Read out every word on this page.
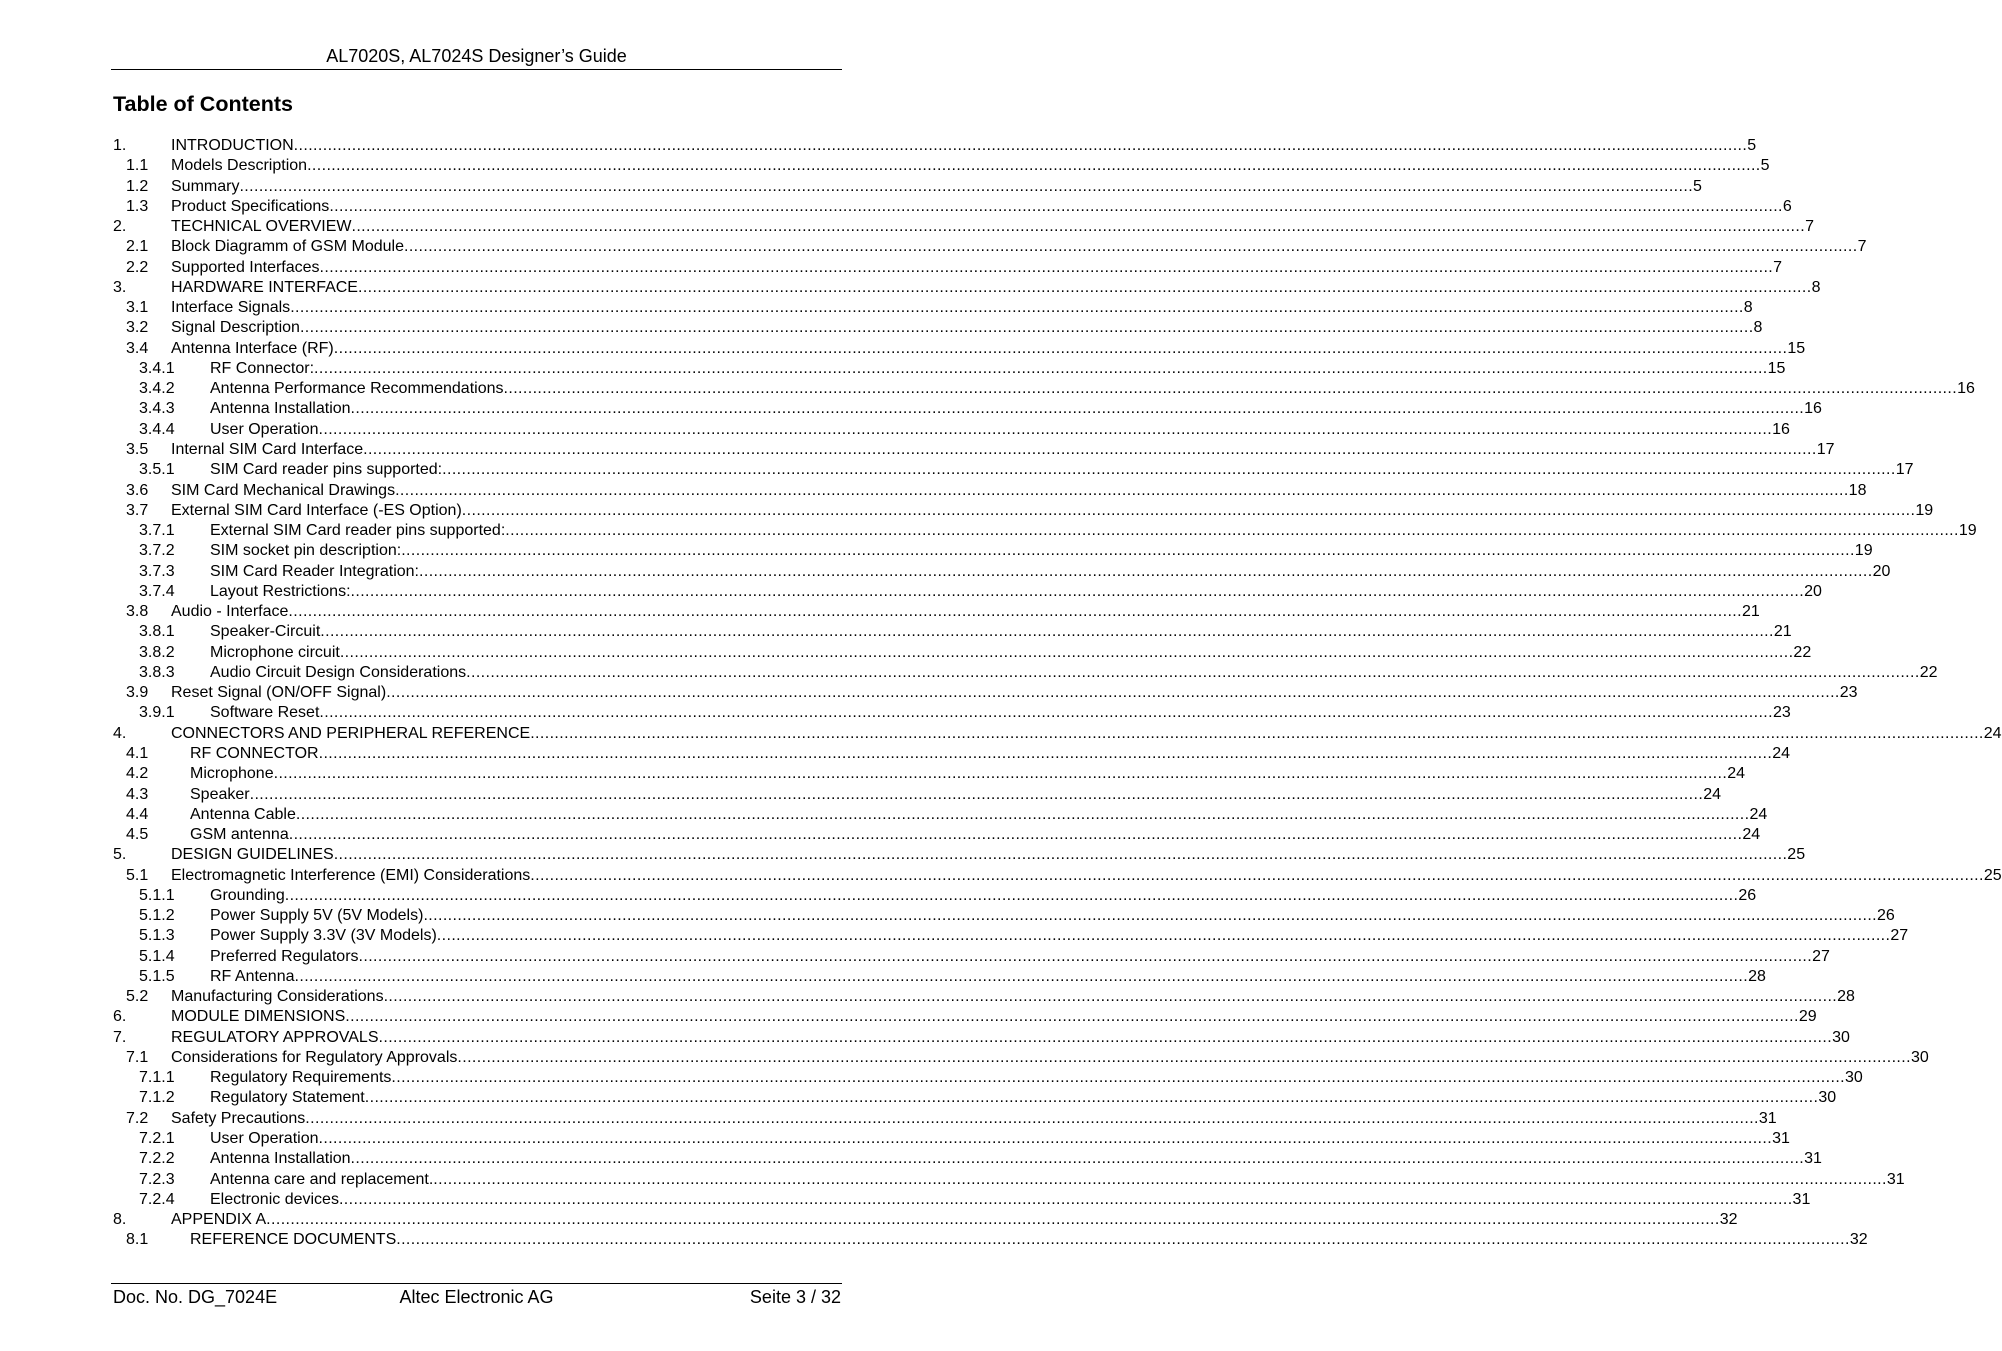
AL7020S, AL7024S Designer’s Guide
Table of Contents
1.	INTRODUCTION ............................................................................................................................................................................................................................................................................................................ 5
1.1 Models Description ............................................................................................................................................................................................................................................................................................................ 5
1.2 Summary ............................................................................................................................................................................................................................................................................................................ 5
1.3 Product Specifications ............................................................................................................................................................................................................................................................................................................ 6
2.	TECHNICAL OVERVIEW ............................................................................................................................................................................................................................................................................................................ 7
2.1 Block Diagramm of GSM Module ............................................................................................................................................................................................................................................................................................................ 7
2.2 Supported Interfaces ............................................................................................................................................................................................................................................................................................................ 7
3.	HARDWARE INTERFACE ............................................................................................................................................................................................................................................................................................................ 8
3.1 Interface Signals ............................................................................................................................................................................................................................................................................................................ 8
3.2 Signal Description ............................................................................................................................................................................................................................................................................................................ 8
3.4 Antenna Interface (RF) ............................................................................................................................................................................................................................................................................................................ 15
3.4.1 RF Connector: ............................................................................................................................................................................................................................................................................................................ 15
3.4.2 Antenna Performance Recommendations ............................................................................................................................................................................................................................................................................................................ 16
3.4.3 Antenna Installation ............................................................................................................................................................................................................................................................................................................ 16
3.4.4 User Operation ............................................................................................................................................................................................................................................................................................................ 16
3.5 Internal SIM Card Interface ............................................................................................................................................................................................................................................................................................................ 17
3.5.1 SIM Card reader pins supported: ............................................................................................................................................................................................................................................................................................................ 17
3.6 SIM Card Mechanical Drawings ............................................................................................................................................................................................................................................................................................................ 18
3.7 External SIM Card Interface (-ES Option) ............................................................................................................................................................................................................................................................................................................ 19
3.7.1 External SIM Card reader pins supported: ............................................................................................................................................................................................................................................................................................................ 19
3.7.2 SIM socket pin description: ............................................................................................................................................................................................................................................................................................................ 19
3.7.3 SIM Card Reader Integration: ............................................................................................................................................................................................................................................................................................................ 20
3.7.4 Layout Restrictions: ............................................................................................................................................................................................................................................................................................................ 20
3.8 Audio - Interface ............................................................................................................................................................................................................................................................................................................ 21
3.8.1 Speaker-Circuit ............................................................................................................................................................................................................................................................................................................ 21
3.8.2 Microphone circuit ............................................................................................................................................................................................................................................................................................................ 22
3.8.3 Audio Circuit Design Considerations ............................................................................................................................................................................................................................................................................................................ 22
3.9 Reset Signal (ON/OFF Signal) ............................................................................................................................................................................................................................................................................................................ 23
3.9.1 Software Reset ............................................................................................................................................................................................................................................................................................................ 23
4.	CONNECTORS AND PERIPHERAL REFERENCE ............................................................................................................................................................................................................................................................................................................ 24
4.1	RF CONNECTOR ............................................................................................................................................................................................................................................................................................................ 24
4.2	Microphone ............................................................................................................................................................................................................................................................................................................ 24
4.3	Speaker ............................................................................................................................................................................................................................................................................................................ 24
4.4	Antenna Cable ............................................................................................................................................................................................................................................................................................................ 24
4.5	GSM antenna ............................................................................................................................................................................................................................................................................................................ 24
5.	DESIGN GUIDELINES ............................................................................................................................................................................................................................................................................................................ 25
5.1 Electromagnetic Interference (EMI) Considerations ............................................................................................................................................................................................................................................................................................................ 25
5.1.1 Grounding ............................................................................................................................................................................................................................................................................................................ 26
5.1.2 Power Supply 5V (5V Models) ............................................................................................................................................................................................................................................................................................................ 26
5.1.3 Power Supply 3.3V (3V Models) ............................................................................................................................................................................................................................................................................................................ 27
5.1.4 Preferred Regulators ............................................................................................................................................................................................................................................................................................................ 27
5.1.5 RF Antenna ............................................................................................................................................................................................................................................................................................................ 28
5.2 Manufacturing Considerations ............................................................................................................................................................................................................................................................................................................ 28
6.	MODULE DIMENSIONS ............................................................................................................................................................................................................................................................................................................ 29
7.	REGULATORY APPROVALS ............................................................................................................................................................................................................................................................................................................ 30
7.1 Considerations for Regulatory Approvals ............................................................................................................................................................................................................................................................................................................ 30
7.1.1 Regulatory Requirements ............................................................................................................................................................................................................................................................................................................ 30
7.1.2 Regulatory Statement ............................................................................................................................................................................................................................................................................................................ 30
7.2 Safety Precautions ............................................................................................................................................................................................................................................................................................................ 31
7.2.1 User Operation ............................................................................................................................................................................................................................................................................................................ 31
7.2.2 Antenna Installation ............................................................................................................................................................................................................................................................................................................ 31
7.2.3 Antenna care and replacement. ............................................................................................................................................................................................................................................................................................................ 31
7.2.4 Electronic devices ............................................................................................................................................................................................................................................................................................................ 31
8.	APPENDIX A ............................................................................................................................................................................................................................................................................................................ 32
8.1	REFERENCE DOCUMENTS ............................................................................................................................................................................................................................................................................................................ 32
Doc. No. DG_7024E	Altec Electronic AG	Seite 3 / 32
